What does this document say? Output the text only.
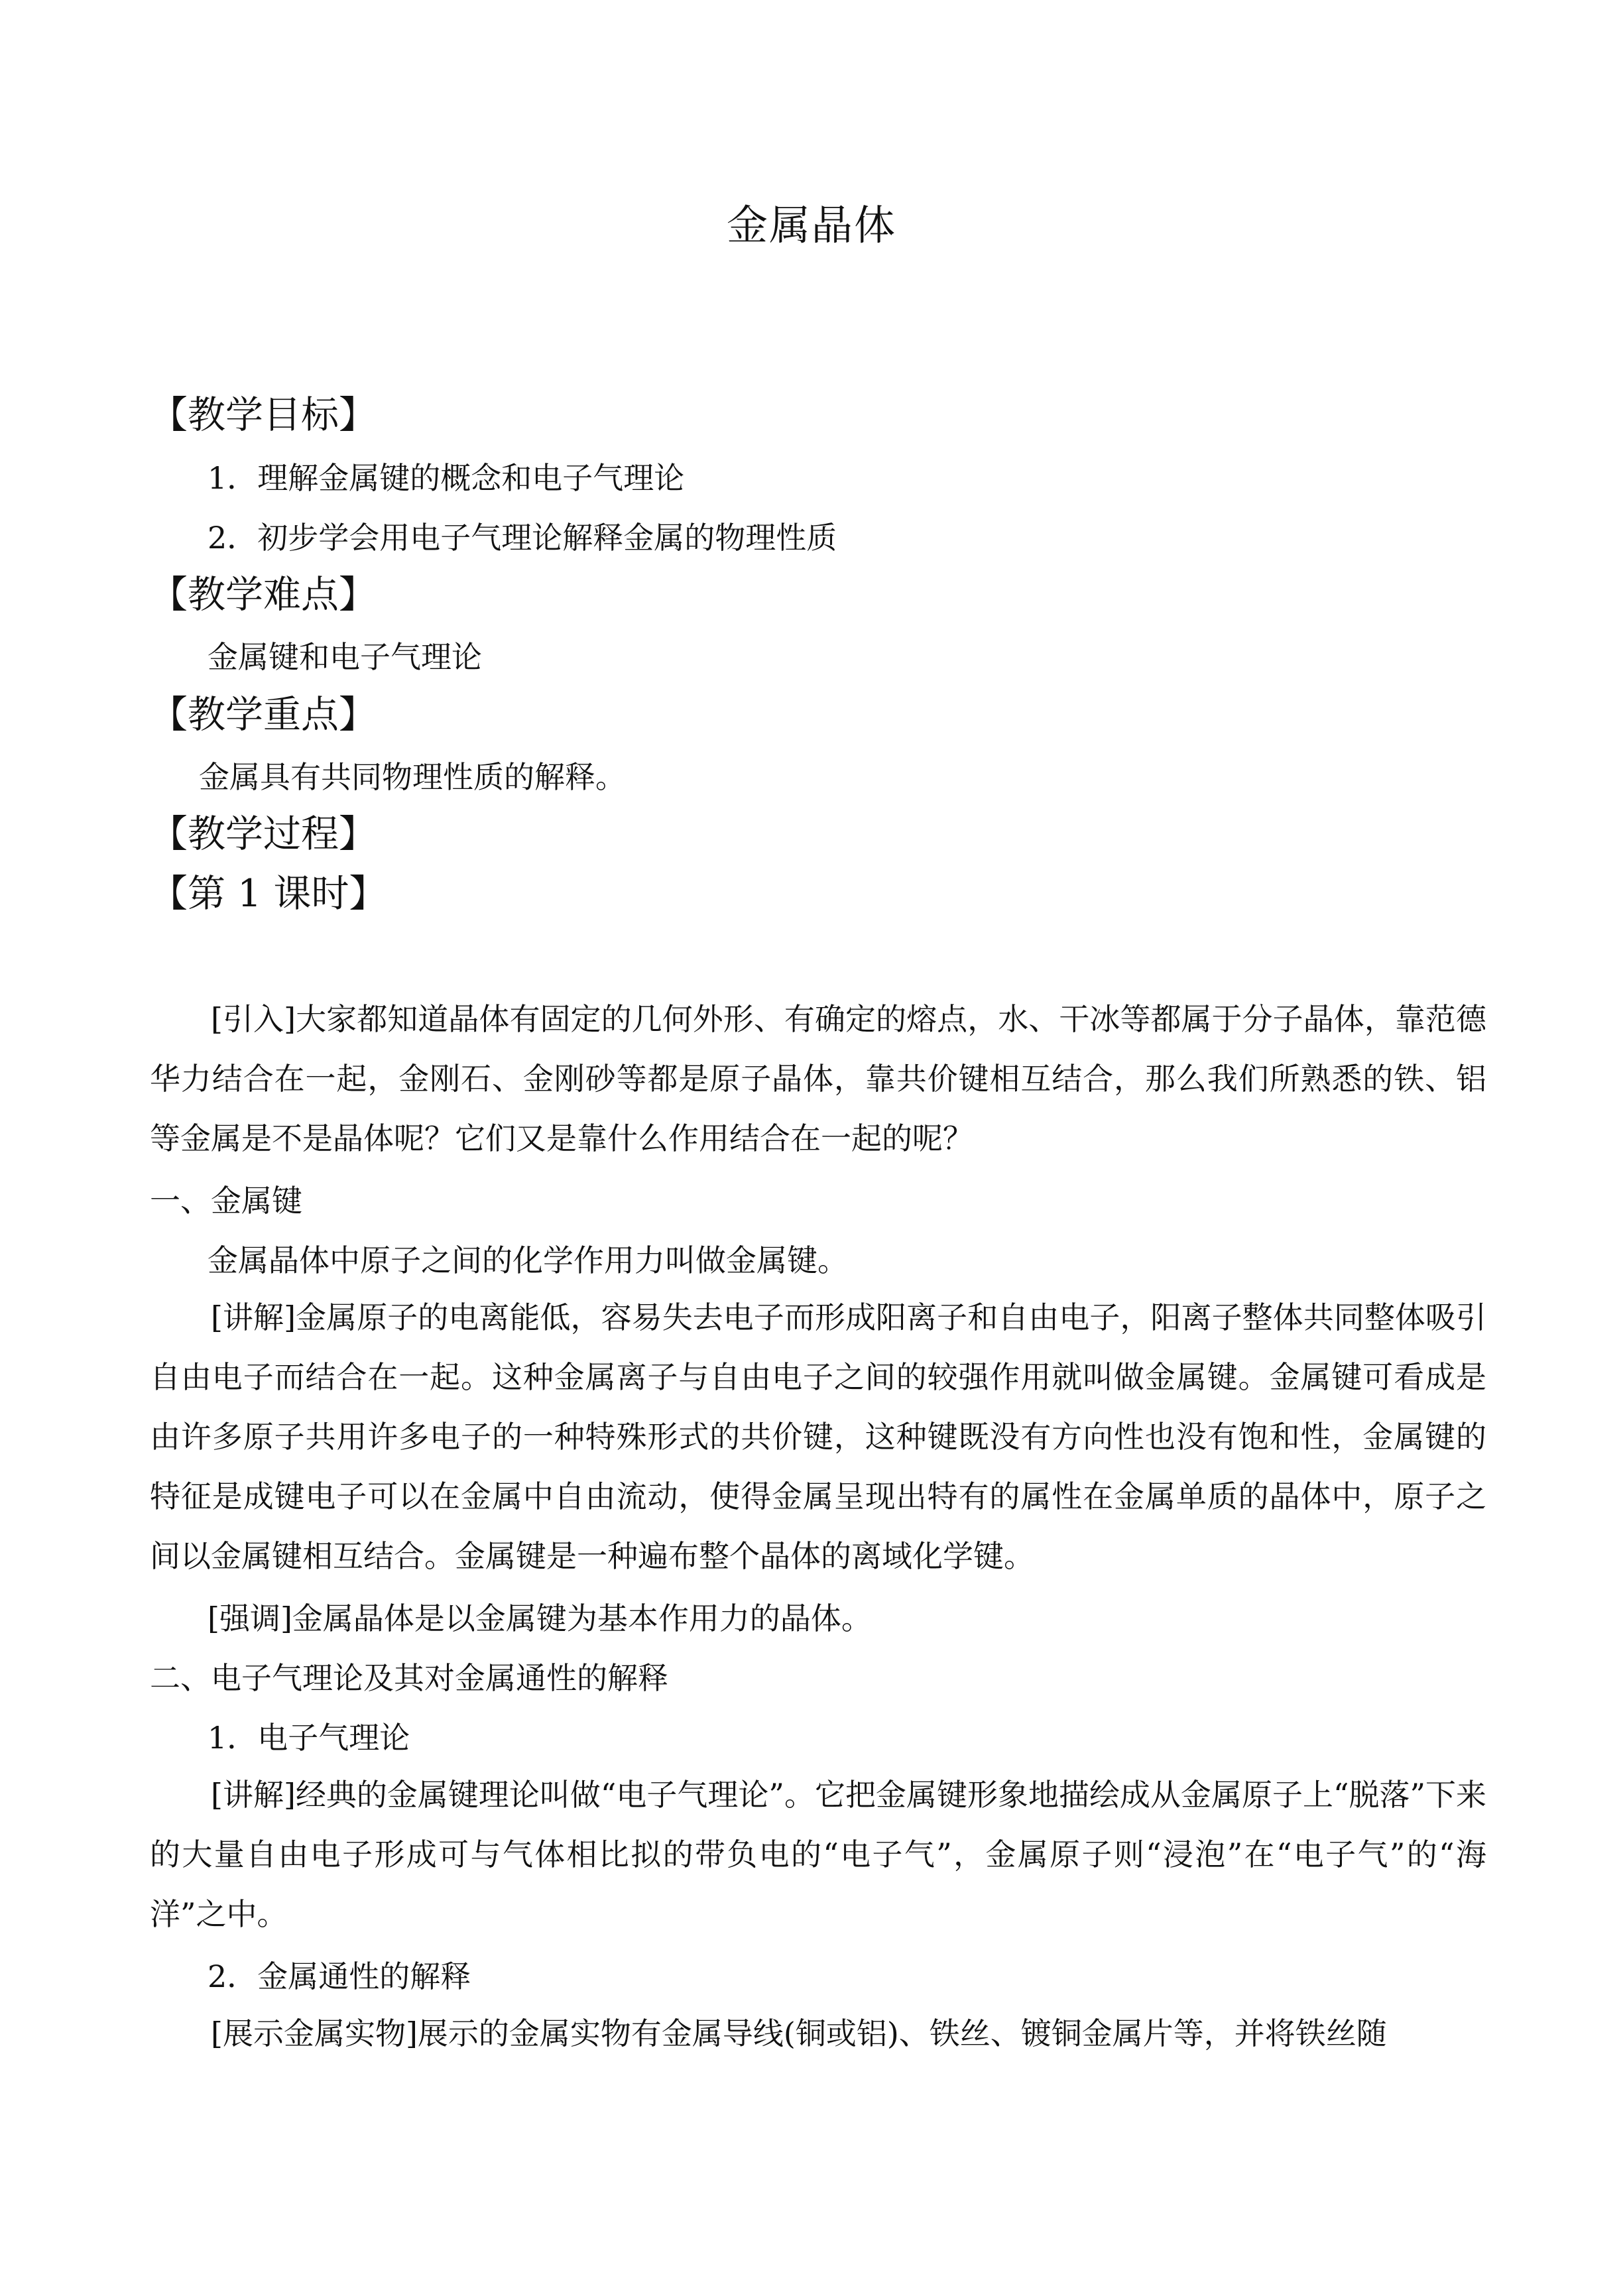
金属晶体
【教学目标】
1．理解金属键的概念和电子气理论
2．初步学会用电子气理论解释金属的物理性质
【教学难点】
金属键和电子气理论
【教学重点】
金属具有共同物理性质的解释。
【教学过程】
【第 1 课时】
[引入]大家都知道晶体有固定的几何外形、有确定的熔点，水、干冰等都属于分子晶体，靠范德华力结合在一起，金刚石、金刚砂等都是原子晶体，靠共价键相互结合，那么我们所熟悉的铁、铝等金属是不是晶体呢？它们又是靠什么作用结合在一起的呢？
一、金属键
金属晶体中原子之间的化学作用力叫做金属键。
[讲解]金属原子的电离能低，容易失去电子而形成阳离子和自由电子，阳离子整体共同整体吸引自由电子而结合在一起。这种金属离子与自由电子之间的较强作用就叫做金属键。金属键可看成是由许多原子共用许多电子的一种特殊形式的共价键，这种键既没有方向性也没有饱和性，金属键的特征是成键电子可以在金属中自由流动，使得金属呈现出特有的属性在金属单质的晶体中，原子之间以金属键相互结合。金属键是一种遍布整个晶体的离域化学键。
[强调]金属晶体是以金属键为基本作用力的晶体。
二、电子气理论及其对金属通性的解释
1．电子气理论
[讲解]经典的金属键理论叫做“电子气理论”。它把金属键形象地描绘成从金属原子上“脱落”下来的大量自由电子形成可与气体相比拟的带负电的“电子气”，金属原子则“浸泡”在“电子气”的“海洋”之中。
2．金属通性的解释
[展示金属实物]展示的金属实物有金属导线(铜或铝)、铁丝、镀铜金属片等，并将铁丝随
